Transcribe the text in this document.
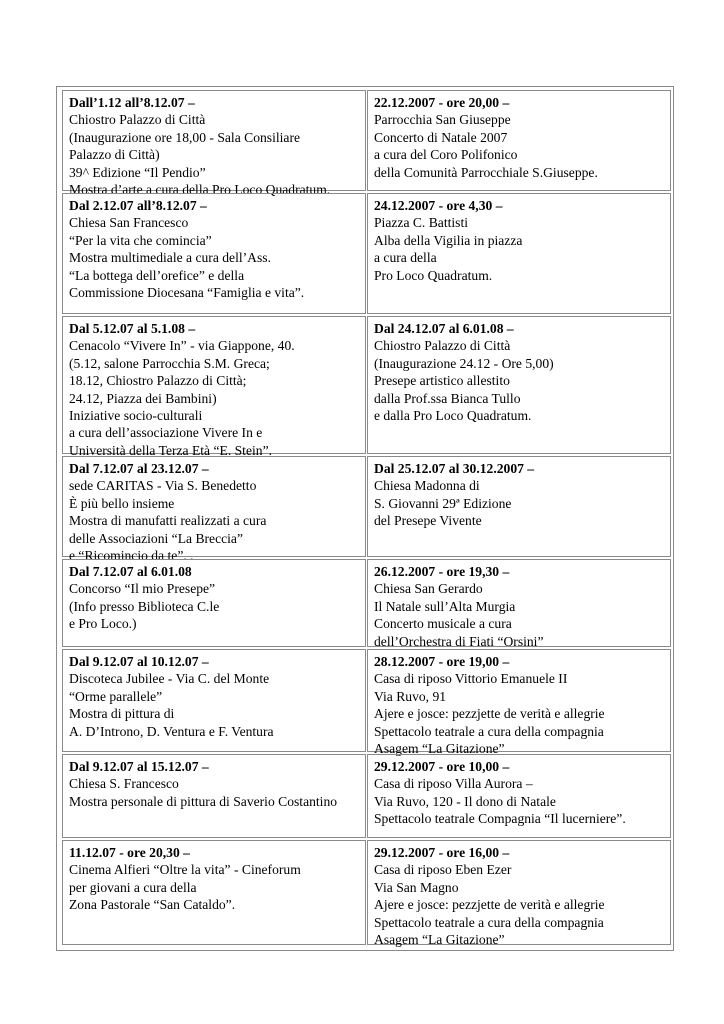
Dall’1.12 all’8.12.07 –
Chiostro Palazzo di Città
(Inaugurazione ore 18,00 - Sala Consiliare
Palazzo di Città)
39^ Edizione “Il Pendio”
Mostra d’arte a cura della Pro Loco Quadratum.
22.12.2007 - ore 20,00 –
Parrocchia San Giuseppe
Concerto di Natale 2007
a cura del Coro Polifonico
della Comunità Parrocchiale S.Giuseppe.
Dal 2.12.07 all’8.12.07 –
Chiesa San Francesco
“Per la vita che comincia”
Mostra multimediale a cura dell’Ass.
“La bottega dell’orefice” e della
Commissione Diocesana “Famiglia e vita”.
24.12.2007 - ore 4,30 –
Piazza C. Battisti
Alba della Vigilia in piazza
a cura della
Pro Loco Quadratum.
Dal 5.12.07 al 5.1.08 –
Cenacolo “Vivere In” - via Giappone, 40.
(5.12, salone Parrocchia S.M. Greca;
18.12, Chiostro Palazzo di Città;
24.12, Piazza dei Bambini)
Iniziative socio-culturali
a cura dell’associazione Vivere In e
Università della Terza Età “E. Stein”.
Dal 24.12.07 al 6.01.08 –
Chiostro Palazzo di Città
(Inaugurazione 24.12 - Ore 5,00)
Presepe artistico allestito
dalla Prof.ssa Bianca Tullo
e dalla Pro Loco Quadratum.
Dal 7.12.07 al 23.12.07 –
sede CARITAS - Via S. Benedetto
È più bello insieme
Mostra di manufatti realizzati a cura
delle Associazioni “La Breccia”
e “Ricomincio da te”. .
Dal 25.12.07 al 30.12.2007 –
Chiesa Madonna di
S. Giovanni 29ª Edizione
del Presepe Vivente
Dal 7.12.07 al 6.01.08
Concorso “Il mio Presepe”
(Info presso Biblioteca C.le
e Pro Loco.)
26.12.2007 - ore 19,30 –
Chiesa San Gerardo
Il Natale sull’Alta Murgia
Concerto musicale a cura
dell’Orchestra di Fiati “Orsini”
Dal 9.12.07 al 10.12.07 –
Discoteca Jubilee - Via C. del Monte
“Orme parallele”
Mostra di pittura di
A. D’Introno, D. Ventura e F. Ventura
28.12.2007 - ore 19,00 –
Casa di riposo Vittorio Emanuele II
Via Ruvo, 91
Ajere e josce: pezzjette de verità e allegrie
Spettacolo teatrale a cura della compagnia
Asagem “La Gitazione”
Dal 9.12.07 al 15.12.07 –
Chiesa S. Francesco
Mostra personale di pittura di Saverio Costantino
29.12.2007 - ore 10,00 –
Casa di riposo Villa Aurora –
Via Ruvo, 120 - Il dono di Natale
Spettacolo teatrale Compagnia “Il lucerniere”.
11.12.07 - ore 20,30 –
Cinema Alfieri “Oltre la vita” - Cineforum
per giovani a cura della
Zona Pastorale “San Cataldo”.
29.12.2007 - ore 16,00 –
Casa di riposo Eben Ezer
Via San Magno
Ajere e josce: pezzjette de verità e allegrie
Spettacolo teatrale a cura della compagnia
Asagem “La Gitazione”
